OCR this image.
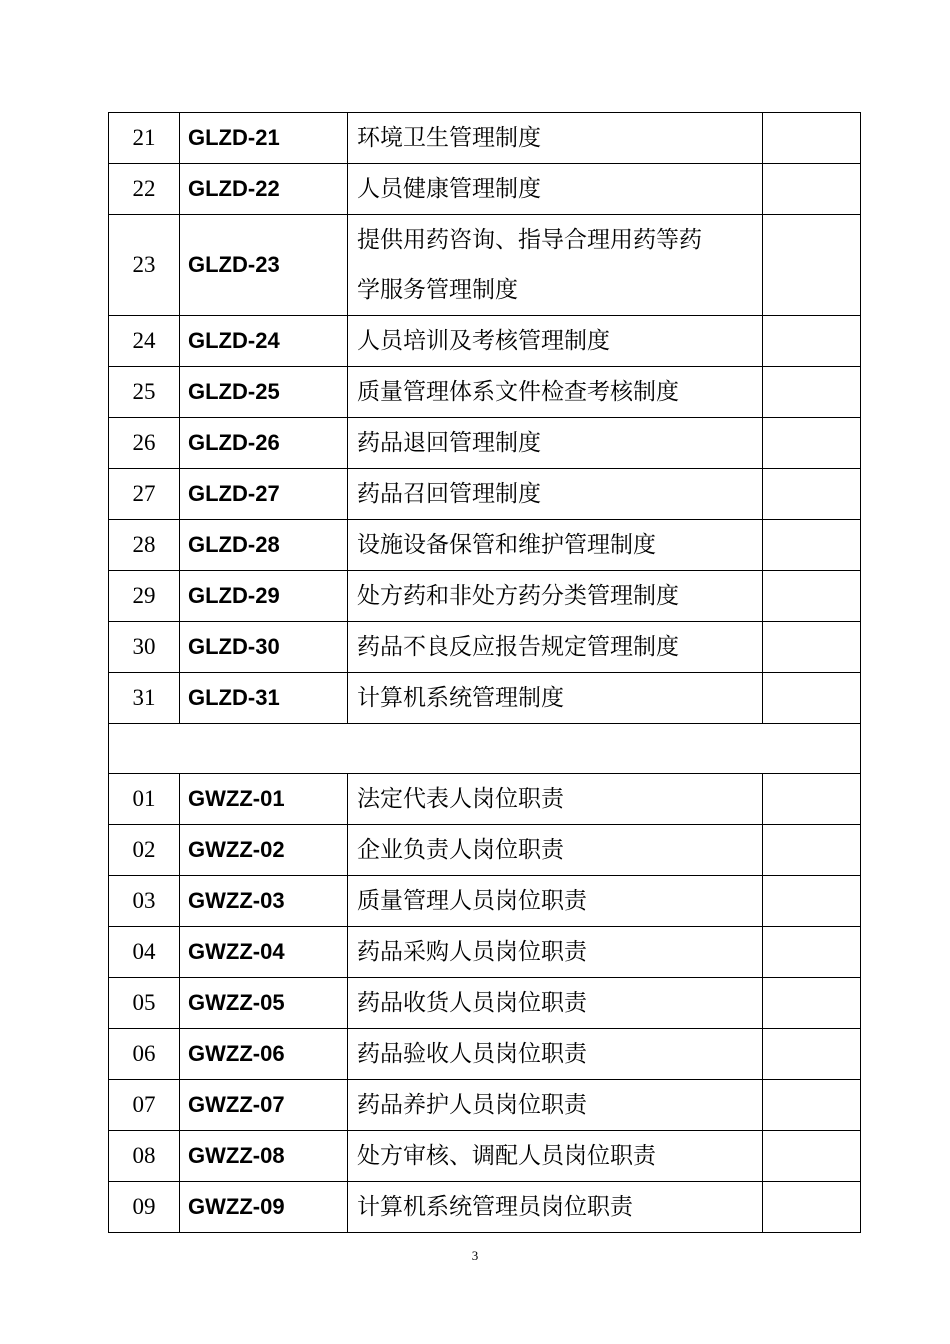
21	GLZD-21	环境卫生管理制度	
22	GLZD-22	人员健康管理制度	
23	GLZD-23	提供用药咨询、指导合理用药等药
学服务管理制度	

24	GLZD-24	人员培训及考核管理制度	
25	GLZD-25	质量管理体系文件检查考核制度	
26	GLZD-26	药品退回管理制度	
27	GLZD-27	药品召回管理制度	
28	GLZD-28	设施设备保管和维护管理制度	
29	GLZD-29	处方药和非处方药分类管理制度	
30	GLZD-30	药品不良反应报告规定管理制度	
31	GLZD-31	计算机系统管理制度	

01	GWZZ-01	法定代表人岗位职责	
02	GWZZ-02	企业负责人岗位职责	
03	GWZZ-03	质量管理人员岗位职责	
04	GWZZ-04	药品采购人员岗位职责	
05	GWZZ-05	药品收货人员岗位职责	
06	GWZZ-06	药品验收人员岗位职责	
07	GWZZ-07	药品养护人员岗位职责	
08	GWZZ-08	处方审核、调配人员岗位职责	
09	GWZZ-09	计算机系统管理员岗位职责	
3
